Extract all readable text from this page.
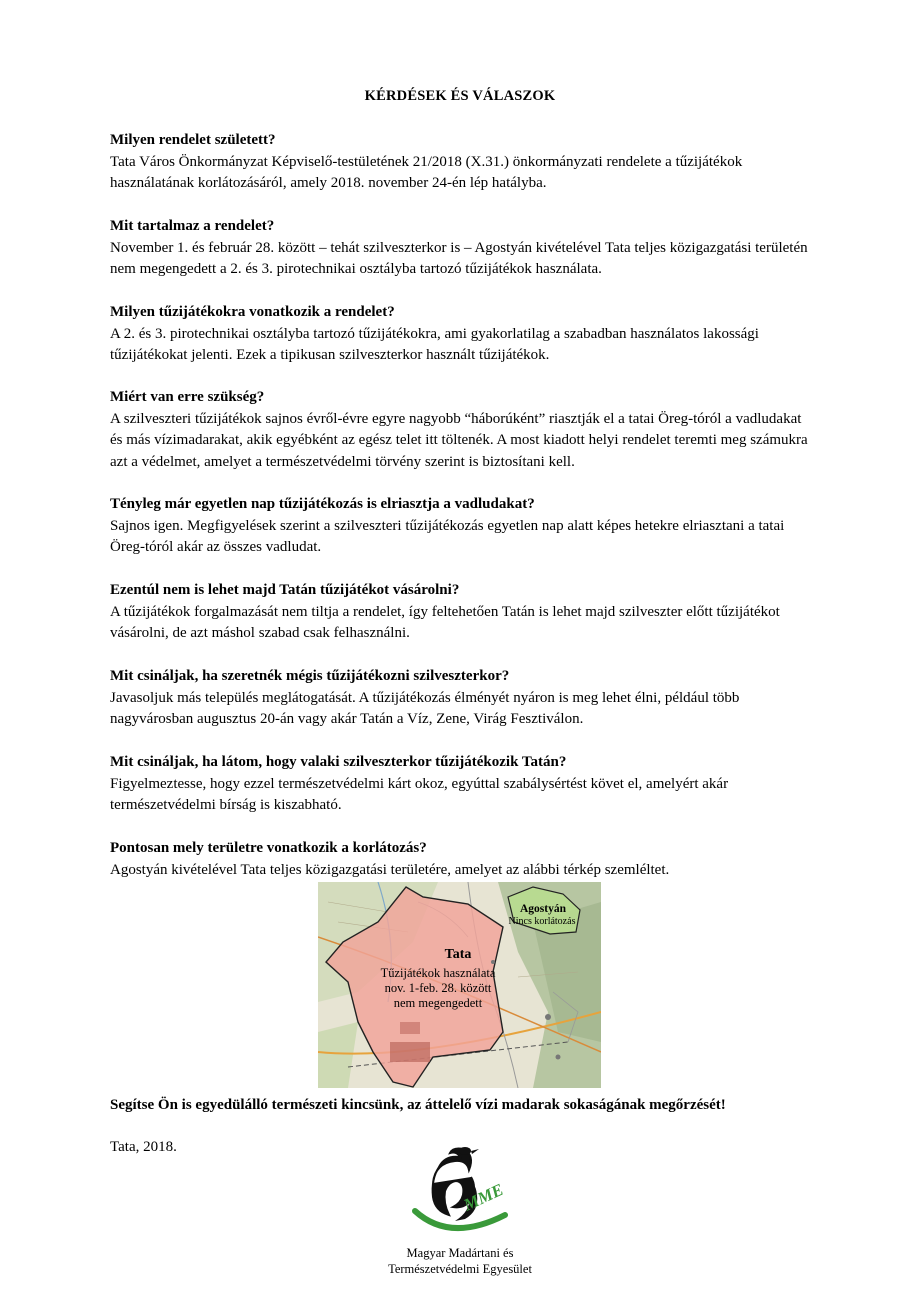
KÉRDÉSEK ÉS VÁLASZOK
Milyen rendelet született?
Tata Város Önkormányzat Képviselő-testületének 21/2018 (X.31.) önkormányzati rendelete a tűzijátékok használatának korlátozásáról, amely 2018. november 24-én lép hatályba.
Mit tartalmaz a rendelet?
November 1. és február 28. között – tehát szilveszterkor is – Agostyán kivételével Tata teljes közigazgatási területén nem megengedett a 2. és 3. pirotechnikai osztályba tartozó tűzijátékok használata.
Milyen tűzijátékokra vonatkozik a rendelet?
A 2. és 3. pirotechnikai osztályba tartozó tűzijátékokra, ami gyakorlatilag a szabadban használatos lakossági tűzijátékokat jelenti. Ezek a tipikusan szilveszterkor használt tűzijátékok.
Miért van erre szükség?
A szilveszteri tűzijátékok sajnos évről-évre egyre nagyobb “háborúként” riasztják el a tatai Öreg-tóról a vadludakat és más vízimadarakat, akik egyébként az egész telet itt töltenék. A most kiadott helyi rendelet teremti meg számukra azt a védelmet, amelyet a természetvédelmi törvény szerint is biztosítani kell.
Tényleg már egyetlen nap tűzijátékozás is elriasztja a vadludakat?
Sajnos igen. Megfigyelések szerint a szilveszteri tűzijátékozás egyetlen nap alatt képes hetekre elriasztani a tatai Öreg-tóról akár az összes vadludat.
Ezentúl nem is lehet majd Tatán tűzijátékot vásárolni?
A tűzijátékok forgalmazását nem tiltja a rendelet, így feltehetően Tatán is lehet majd szilveszter előtt tűzijátékot vásárolni, de azt máshol szabad csak felhasználni.
Mit csináljak, ha szeretnék mégis tűzijátékozni szilveszterkor?
Javasoljuk más település meglátogatását. A tűzijátékozás élményét nyáron is meg lehet élni, például több nagyvárosban augusztus 20-án vagy akár Tatán a Víz, Zene, Virág Fesztiválon.
Mit csináljak, ha látom, hogy valaki szilveszterkor tűzijátékozik Tatán?
Figyelmeztesse, hogy ezzel természetvédelmi kárt okoz, egyúttal szabálysértést követ el, amelyért akár természetvédelmi bírság is kiszabható.
Pontosan mely területre vonatkozik a korlátozás?
Agostyán kivételével Tata teljes közigazgatási területére, amelyet az alábbi térkép szemléltet.
Tata
Tűzijátékok használata
nov. 1-feb. 28. között
nem megengedett
Agostyán
Nincs korlátozás
Segítse Ön is egyedülálló természeti kincsünk, az áttelelő vízi madarak sokaságának megőrzését!
Tata, 2018.
MME
Magyar Madártani és
Természetvédelmi Egyesület
